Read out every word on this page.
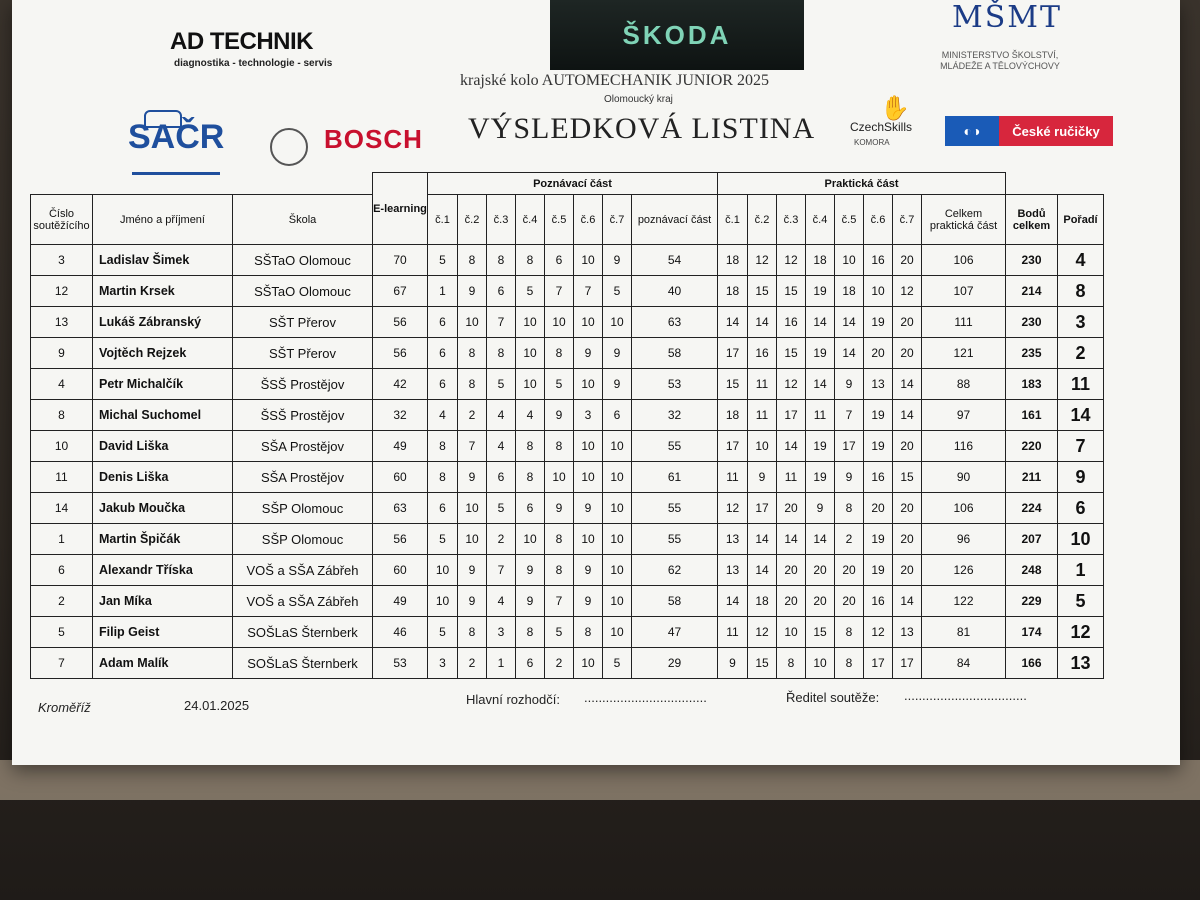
AD TECHNIK
diagnostika - technologie - servis
ŠKODA	MŠMT
MINISTERSTVO ŠKOLSTVÍ, MLÁDEŽE A TĚLOVÝCHOVY
krajské kolo AUTOMECHANIK JUNIOR 2025
Olomoucký kraj
VÝSLEDKOVÁ LISTINA
SAČR	BOSCH
✋
CzechSkills
KOMORA
◐◑	České ručičky
Kroměříž	24.01.2025	Hlavní rozhodčí: ..................................	Ředitel soutěže: ..................................
			E-learning	Poznávací část								Praktická část									

Číslo soutěžícího	Jméno a příjmení	Škola		č.1	č.2	č.3	č.4	č.5	č.6	č.7	poznávací část	č.1	č.2	č.3	č.4	č.5	č.6	č.7	Celkem praktická část	Bodů celkem	Pořadí
3	Ladislav Šimek	SŠTaO Olomouc	70	5	8	8	8	6	10	9	54	18	12	12	18	10	16	20	106	230	4
12	Martin Krsek	SŠTaO Olomouc	67	1	9	6	5	7	7	5	40	18	15	15	19	18	10	12	107	214	8
13	Lukáš Zábranský	SŠT Přerov	56	6	10	7	10	10	10	10	63	14	14	16	14	14	19	20	111	230	3
9	Vojtěch Rejzek	SŠT Přerov	56	6	8	8	10	8	9	9	58	17	16	15	19	14	20	20	121	235	2
4	Petr Michalčík	ŠSŠ Prostějov	42	6	8	5	10	5	10	9	53	15	11	12	14	9	13	14	88	183	11
8	Michal Suchomel	ŠSŠ Prostějov	32	4	2	4	4	9	3	6	32	18	11	17	11	7	19	14	97	161	14
10	David Liška	SŠA Prostějov	49	8	7	4	8	8	10	10	55	17	10	14	19	17	19	20	116	220	7
11	Denis Liška	SŠA Prostějov	60	8	9	6	8	10	10	10	61	11	9	11	19	9	16	15	90	211	9
14	Jakub Moučka	SŠP Olomouc	63	6	10	5	6	9	9	10	55	12	17	20	9	8	20	20	106	224	6
1	Martin Špičák	SŠP Olomouc	56	5	10	2	10	8	10	10	55	13	14	14	14	2	19	20	96	207	10
6	Alexandr Tříska	VOŠ a SŠA Zábřeh	60	10	9	7	9	8	9	10	62	13	14	20	20	20	19	20	126	248	1
2	Jan Míka	VOŠ a SŠA Zábřeh	49	10	9	4	9	7	9	10	58	14	18	20	20	20	16	14	122	229	5
5	Filip Geist	SOŠLaS Šternberk	46	5	8	3	8	5	8	10	47	11	12	10	15	8	12	13	81	174	12
7	Adam Malík	SOŠLaS Šternberk	53	3	2	1	6	2	10	5	29	9	15	8	10	8	17	17	84	166	13
